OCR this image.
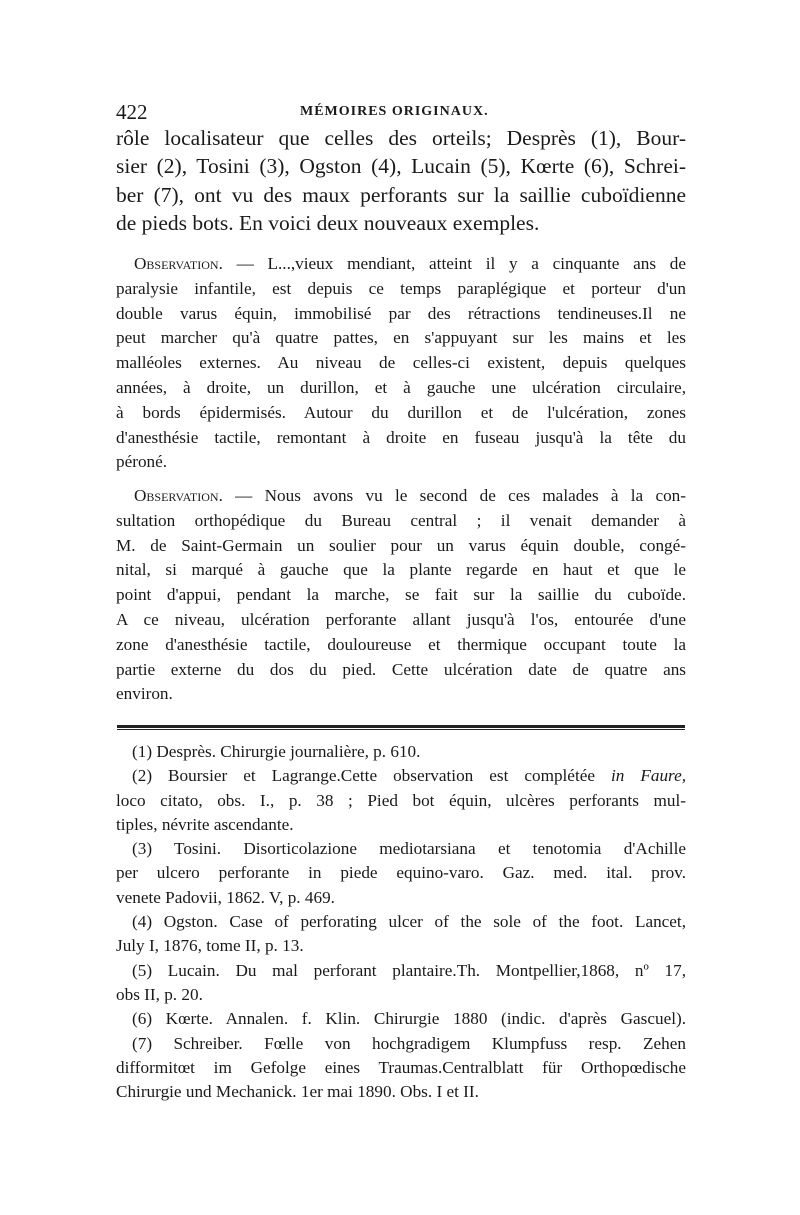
422	MÉMOIRES ORIGINAUX.
rôle localisateur que celles des orteils; Desprès (1), Bour-
sier (2), Tosini (3), Ogston (4), Lucain (5), Kœrte (6), Schrei-
ber (7), ont vu des maux perforants sur la saillie cuboïdienne
de pieds bots. En voici deux nouveaux exemples.
Observation. — L...,vieux mendiant, atteint il y a cinquante ans de
paralysie infantile, est depuis ce temps paraplégique et porteur d'un
double varus équin, immobilisé par des rétractions tendineuses.Il ne
peut marcher qu'à quatre pattes, en s'appuyant sur les mains et les
malléoles externes. Au niveau de celles-ci existent, depuis quelques
années, à droite, un durillon, et à gauche une ulcération circulaire,
à bords épidermisés. Autour du durillon et de l'ulcération, zones
d'anesthésie tactile, remontant à droite en fuseau jusqu'à la tête du
péroné.
Observation. — Nous avons vu le second de ces malades à la con-
sultation orthopédique du Bureau central ; il venait demander à
M. de Saint-Germain un soulier pour un varus équin double, congé-
nital, si marqué à gauche que la plante regarde en haut et que le
point d'appui, pendant la marche, se fait sur la saillie du cuboïde.
A ce niveau, ulcération perforante allant jusqu'à l'os, entourée d'une
zone d'anesthésie tactile, douloureuse et thermique occupant toute la
partie externe du dos du pied. Cette ulcération date de quatre ans
environ.
(1) Desprès. Chirurgie journalière, p. 610.
(2) Boursier et Lagrange.Cette observation est complétée in Faure,
loco citato, obs. I., p. 38 ; Pied bot équin, ulcères perforants mul-
tiples, névrite ascendante.
(3) Tosini. Disorticolazione mediotarsiana et tenotomia d'Achille
per ulcero perforante in piede equino-varo. Gaz. med. ital. prov.
venete Padovii, 1862. V, p. 469.
(4) Ogston. Case of perforating ulcer of the sole of the foot. Lancet,
July I, 1876, tome II, p. 13.
(5) Lucain. Du mal perforant plantaire.Th. Montpellier,1868, nº 17,
obs II, p. 20.
(6) Kœrte. Annalen. f. Klin. Chirurgie 1880 (indic. d'après Gascuel).
(7) Schreiber. Fœlle von hochgradigem Klumpfuss resp. Zehen
difformitœt im Gefolge eines Traumas.Centralblatt für Orthopœdische
Chirurgie und Mechanick. 1er mai 1890. Obs. I et II.
